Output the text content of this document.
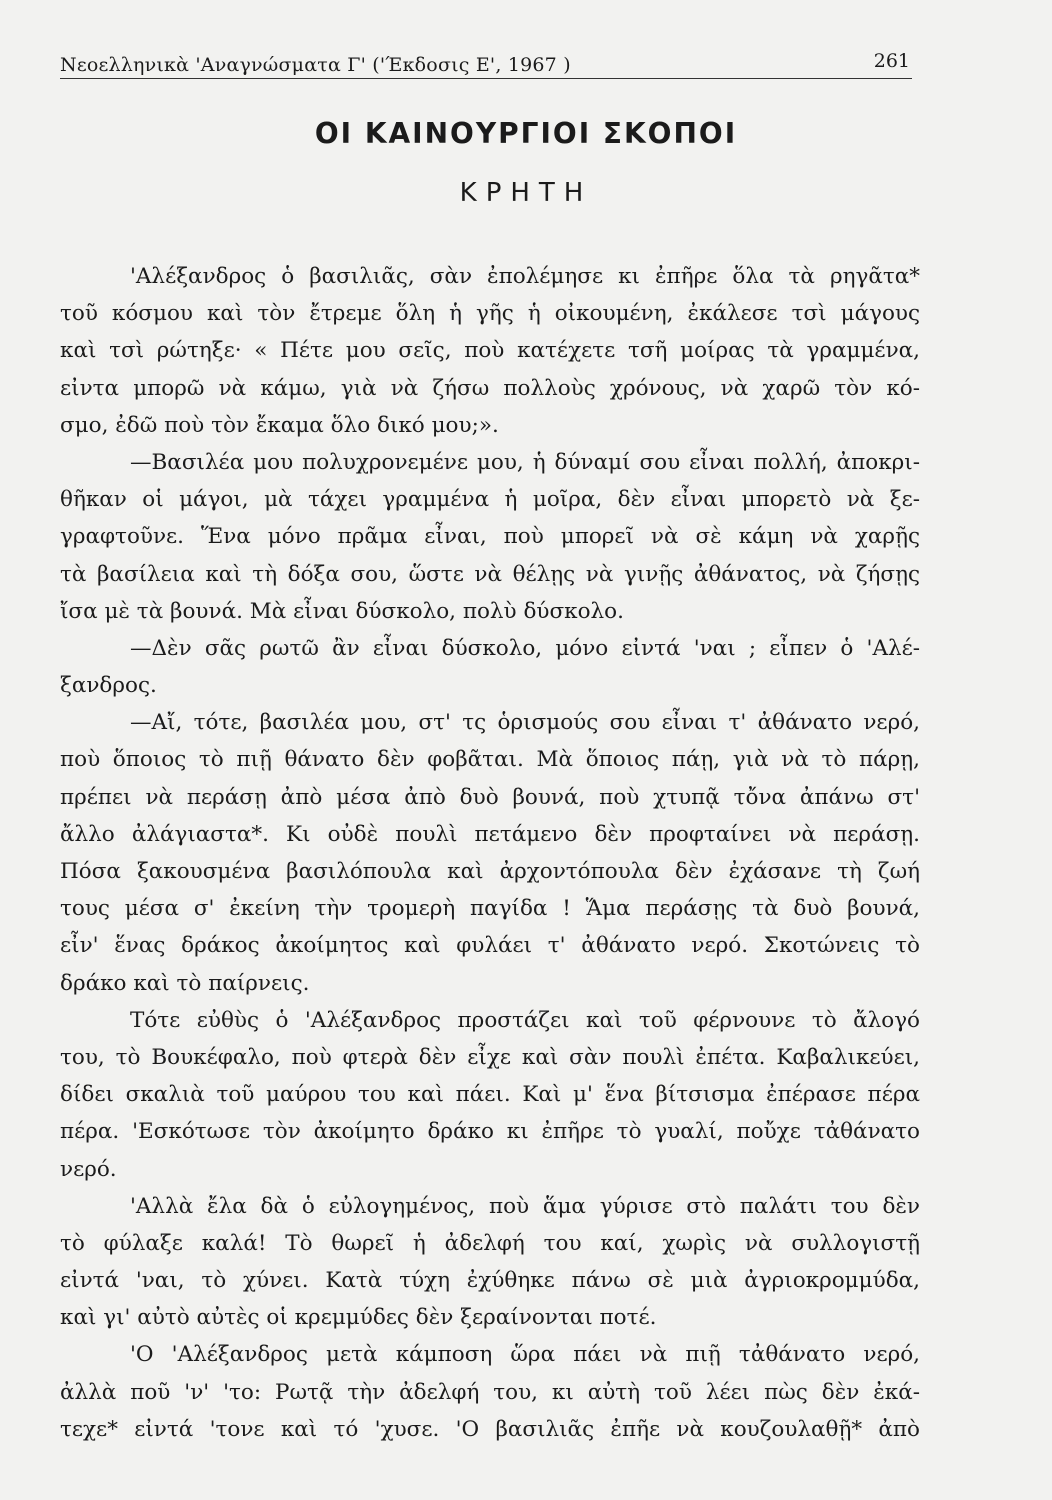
Νεοελληνικὰ 'Αναγνώσματα Γ' ('Έκδοσις Ε', 1967 )	261
ΟΙ ΚΑΙΝΟΥΡΓΙΟΙ ΣΚΟΠΟΙ
ΚΡΗΤΗ
'Αλέξανδρος ὁ βασιλιᾶς, σὰν ἐπολέμησε κι ἐπῆρε ὅλα τὰ ρηγᾶτα*
τοῦ κόσμου καὶ τὸν ἔτρεμε ὅλη ἡ γῆς ἡ οἰκουμένη, ἐκάλεσε τσὶ μάγους
καὶ τσὶ ρώτηξε· « Πέτε μου σεῖς, ποὺ κατέχετε τσῆ μοίρας τὰ γραμμένα,
εἰντα μπορῶ νὰ κάμω, γιὰ νὰ ζήσω πολλοὺς χρόνους, νὰ χαρῶ τὸν κό-
σμο, ἐδῶ ποὺ τὸν ἔκαμα ὅλο δικό μου;».
—Βασιλέα μου πολυχρονεμένε μου, ἡ δύναμί σου εἶναι πολλή, ἀποκρι-
θῆκαν οἱ μάγοι, μὰ τάχει γραμμένα ἡ μοῖρα, δὲν εἶναι μπορετὸ νὰ ξε-
γραφτοῦνε. Ἕνα μόνο πρᾶμα εἶναι, ποὺ μπορεῖ νὰ σὲ κάμη νὰ χαρῇς
τὰ βασίλεια καὶ τὴ δόξα σου, ὥστε νὰ θέλῃς νὰ γινῇς ἀθάνατος, νὰ ζήσῃς
ἴσα μὲ τὰ βουνά. Μὰ εἶναι δύσκολο, πολὺ δύσκολο.
—Δὲν σᾶς ρωτῶ ἂν εἶναι δύσκολο, μόνο εἰντά 'ναι ; εἶπεν ὁ 'Αλέ-
ξανδρος.
—Αἴ, τότε, βασιλέα μου, στ' τς ὁρισμούς σου εἶναι τ' ἀθάνατο νερό,
ποὺ ὅποιος τὸ πιῇ θάνατο δὲν φοβᾶται. Μὰ ὅποιος πάῃ, γιὰ νὰ τὸ πάρῃ,
πρέπει νὰ περάσῃ ἀπὸ μέσα ἀπὸ δυὸ βουνά, ποὺ χτυπᾷ τὄνα ἀπάνω στ'
ἄλλο ἀλάγιαστα*. Κι οὐδὲ πουλὶ πετάμενο δὲν προφταίνει νὰ περάσῃ.
Πόσα ξακουσμένα βασιλόπουλα καὶ ἀρχοντόπουλα δὲν ἐχάσανε τὴ ζωή
τους μέσα σ' ἐκείνη τὴν τρομερὴ παγίδα ! Ἅμα περάσῃς τὰ δυὸ βουνά,
εἶν' ἕνας δράκος ἀκοίμητος καὶ φυλάει τ' ἀθάνατο νερό. Σκοτώνεις τὸ
δράκο καὶ τὸ παίρνεις.
Τότε εὐθὺς ὁ 'Αλέξανδρος προστάζει καὶ τοῦ φέρνουνε τὸ ἄλογό
του, τὸ Βουκέφαλο, ποὺ φτερὰ δὲν εἶχε καὶ σὰν πουλὶ ἐπέτα. Καβαλικεύει,
δίδει σκαλιὰ τοῦ μαύρου του καὶ πάει. Καὶ μ' ἕνα βίτσισμα ἐπέρασε πέρα
πέρα. 'Εσκότωσε τὸν ἀκοίμητο δράκο κι ἐπῆρε τὸ γυαλί, ποὔχε τἀθάνατο
νερό.
'Αλλὰ ἔλα δὰ ὁ εὐλογημένος, ποὺ ἅμα γύρισε στὸ παλάτι του δὲν
τὸ φύλαξε καλά! Τὸ θωρεῖ ἡ ἀδελφή του καί, χωρὶς νὰ συλλογιστῇ
εἰντά 'ναι, τὸ χύνει. Κατὰ τύχη ἐχύθηκε πάνω σὲ μιὰ ἀγριοκρομμύδα,
καὶ γι' αὐτὸ αὐτὲς οἱ κρεμμύδες δὲν ξεραίνονται ποτέ.
'Ο 'Αλέξανδρος μετὰ κάμποση ὥρα πάει νὰ πιῇ τἀθάνατο νερό,
ἀλλὰ ποῦ 'ν' 'το: Ρωτᾷ τὴν ἀδελφή του, κι αὐτὴ τοῦ λέει πὼς δὲν ἐκά-
τεχε* εἰντά 'τονε καὶ τό 'χυσε. 'Ο βασιλιᾶς ἐπῆε νὰ κουζουλαθῇ* ἀπὸ
